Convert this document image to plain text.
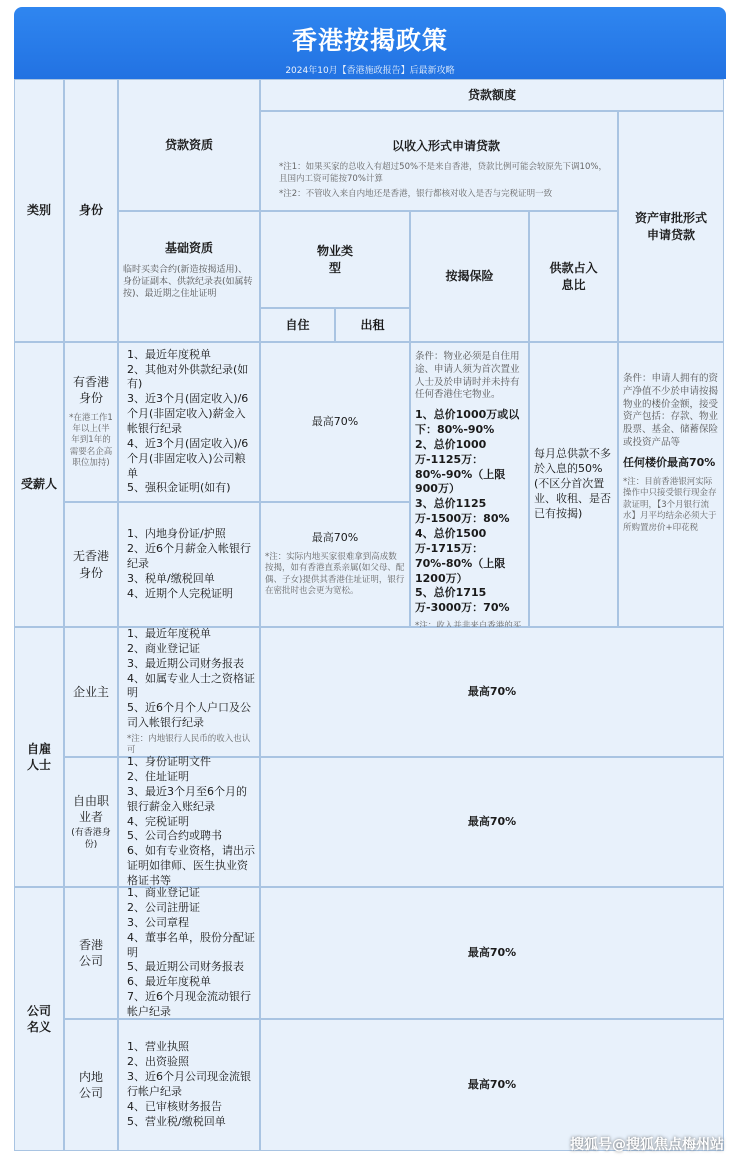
香港按揭政策
2024年10月【香港施政报告】后最新攻略
类别 身份
贷款资质
基础资质
临时买卖合约(新造按揭适用)、身份证副本、供款纪录表(如属转按)、最近期之住址证明
贷款额度
以收入形式申请贷款
*注1：如果买家的总收入有超过50%不是来自香港，贷款比例可能会较原先下调10%，且国内工资可能按70%计算
*注2：不管收入来自内地还是香港，银行都核对收入是否与完税证明一致
资产审批形式申请贷款
物业类型
自住	出租
按揭保险
供款占入息比
受薪人
有香港身份
*在港工作1年以上(半年到1年的需要名企高职位加持)
1、最近年度税单
2、其他对外供款纪录(如有)
3、近3个月(固定收入)/6个月(非固定收入)薪金入帐银行纪录
4、近3个月(固定收入)/6个月(非固定收入)公司粮单
5、强积金证明(如有)
最高70%
无香港身份
1、内地身份证/护照
2、近6个月薪金入帐银行纪录
3、税单/缴税回单
4、近期个人完税证明
最高70%
*注：实际内地买家很难拿到高成数按揭，如有香港直系亲属(如父母、配偶、子女)提供其香港住址证明，银行在密批时也会更为宽松。
条件：物业必须是自住用途、申请人须为首次置业人士及於申请时并未持有任何香港住宅物业。
1、总价1000万或以下：80%-90%
2、总价1000万-1125万：80%-90%（上限900万）
3、总价1125万-1500万：80%
4、总价1500万-1715万：70%-80%（上限1200万）
5、总价1715万-3000万：70%
每月总供款不多於入息的50%(不区分首次置业、收租、是否已有按揭)
条件：申请人拥有的资产净值不少於申请按揭物业的楼价金额，接受资产包括：存款、物业股票、基金、储蓄保险或投资产品等
任何楼价最高70%
*注：目前香港银河实际操作中只接受银行现金存款证明，【3个月银行流水】月平均结余必须大于所购置房价+印花税
自雇人士
企业主
1、最近年度税单
2、商业登记证
3、最近期公司财务报表
4、如属专业人士之资格证明
5、近6个月个人户口及公司入帐银行纪录
*注：内地银行人民币的收入也认可
最高70%
自由职业者
(有香港身份)
1、身份证明文件
2、住址证明
3、最近3个月至6个月的银行薪金入账纪录
4、完税证明
5、公司合约或聘书
6、如有专业资格，请出示证明如律师、医生执业资格证书等
最高70%
公司名义
香港公司
1、商业登记证
2、公司註册证
3、公司章程
4、董事名单，股份分配证明
5、最近期公司财务报表
6、最近年度税单
7、近6个月现金流动银行帐户纪录
最高70%
内地公司
1、营业执照
2、出资验照
3、近6个月公司现金流银行帐户纪录
4、已审核财务报告
5、营业税/缴税回单
最高70%
搜狐号@搜狐焦点梅州站
